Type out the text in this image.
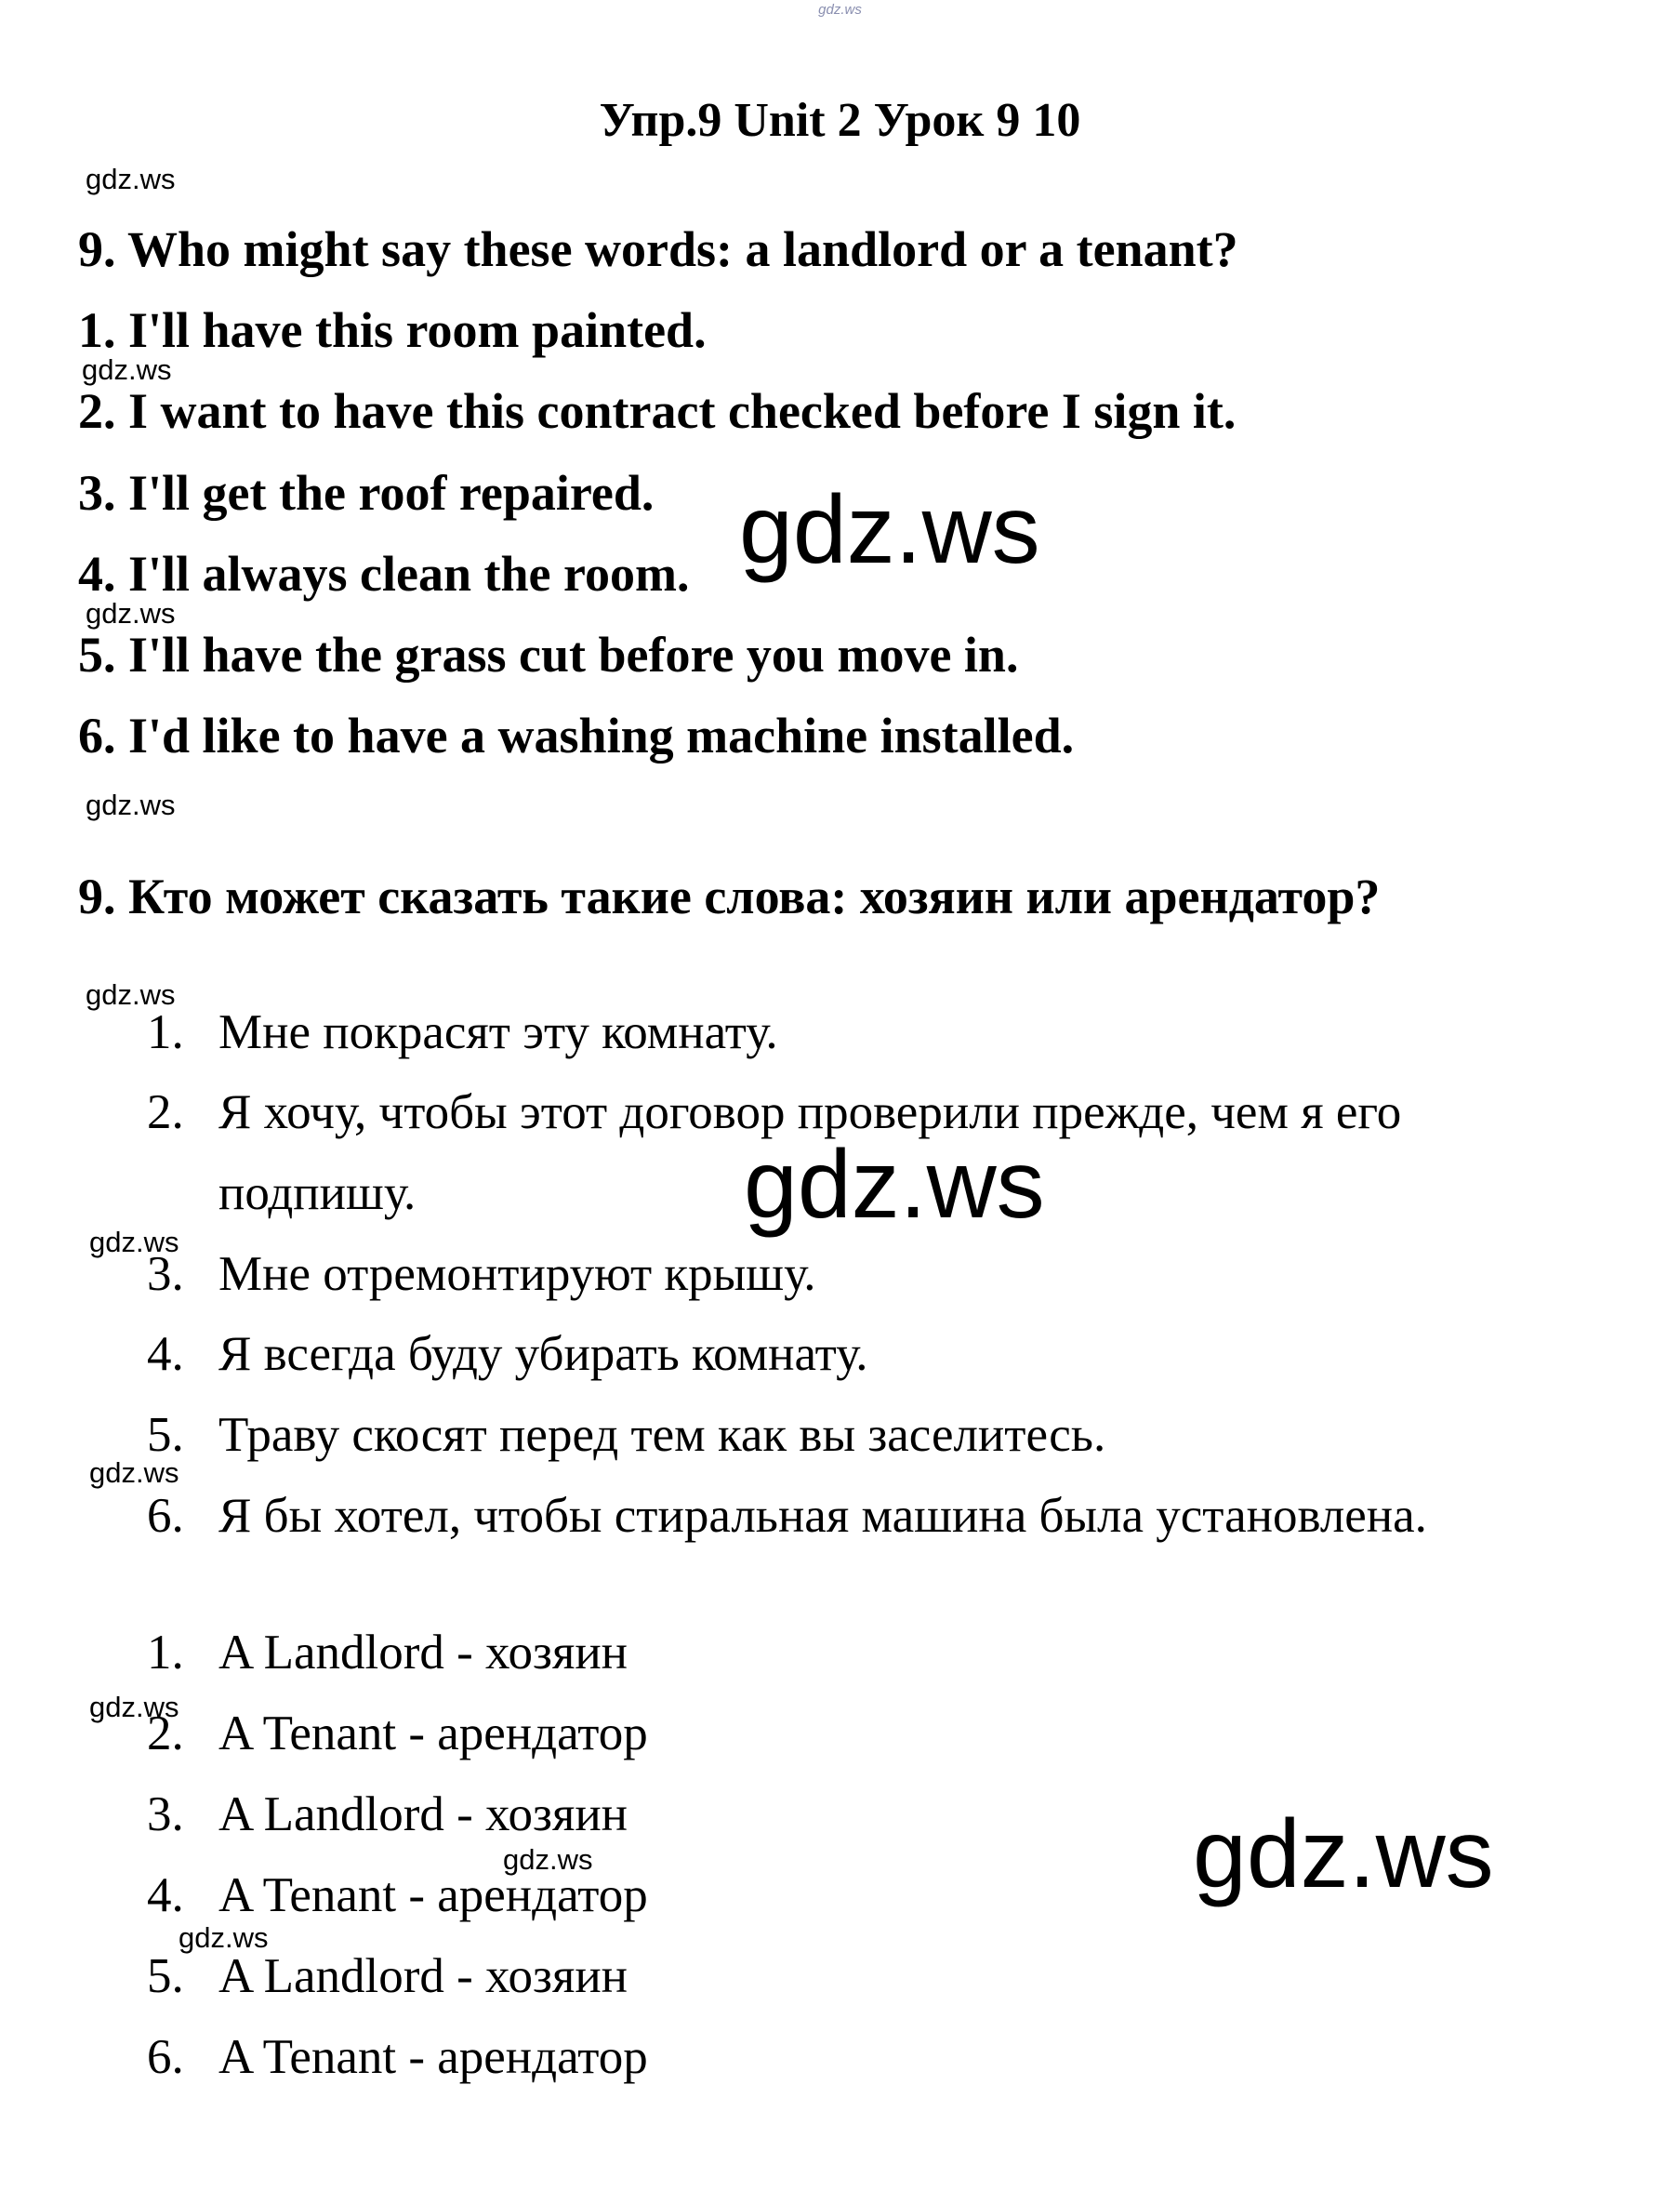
gdz.ws
Упр.9 Unit 2 Урок 9 10
gdz.ws
gdz.ws
gdz.ws
gdz.ws
gdz.ws
gdz.ws
gdz.ws
gdz.ws
gdz.ws
gdz.ws
gdz.ws
gdz.ws
gdz.ws
9. Who might say these words: a landlord or a tenant?
1. I'll have this room painted.
2. I want to have this contract checked before I sign it.
3. I'll get the roof repaired.
4. I'll always clean the room.
5. I'll have the grass cut before you move in.
6. I'd like to have a washing machine installed.
9. Кто может сказать такие слова: хозяин или арендатор?
1. Мне покрасят эту комнату.
2. Я хочу, чтобы этот договор проверили прежде, чем я его
подпишу.
3. Мне отремонтируют крышу.
4. Я всегда буду убирать комнату.
5. Траву скосят перед тем как вы заселитесь.
6. Я бы хотел, чтобы стиральная машина была установлена.
1. A Landlord - хозяин
2. A Tenant - арендатор
3. A Landlord - хозяин
4. A Tenant - арендатор
5. A Landlord - хозяин
6. A Tenant - арендатор
